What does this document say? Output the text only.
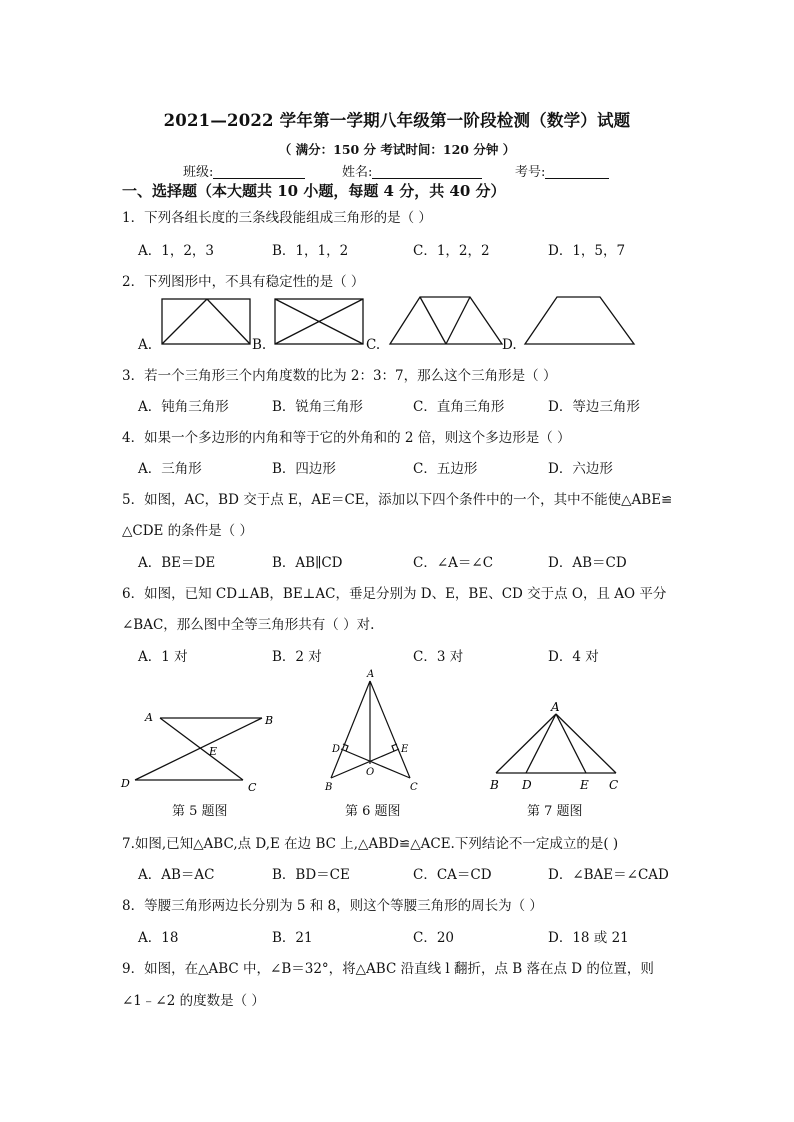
2021—2022 学年第一学期八年级第一阶段检测（数学）试题
（ 满分：150 分 考试时间：120 分钟 ）
班级:	姓名:	考号:
一、选择题（本大题共 10 小题，每题 4 分，共 40 分）
1．下列各组长度的三条线段能组成三角形的是（ ）
A．1，2，3	B．1，1，2	C．1，2，2	D．1，5，7
2．下列图形中，不具有稳定性的是（ ）
A.	B.	C.	D.
3．若一个三角形三个内角度数的比为 2：3：7，那么这个三角形是（ ）
A．钝角三角形	B．锐角三角形	C．直角三角形	D．等边三角形
4．如果一个多边形的内角和等于它的外角和的 2 倍，则这个多边形是（ ）
A．三角形	B．四边形	C．五边形	D．六边形
5．如图，AC，BD 交于点 E，AE＝CE，添加以下四个条件中的一个，其中不能使△ABE≌
△CDE 的条件是（ ）
A．BE＝DE	B．AB∥CD	C．∠A＝∠C	D．AB＝CD
6．如图，已知 CD⊥AB，BE⊥AC，垂足分别为 D、E，BE、CD 交于点 O，且 AO 平分
∠BAC，那么图中全等三角形共有（ ）对.
A．1 对	B．2 对	C．3 对	D．4 对
A	B
C
D
E
A
B	C
D	E
O
A
B D	E C
第 5 题图	第 6 题图	第 7 题图
7.如图,已知△ABC,点 D,E 在边 BC 上,△ABD≌△ACE.下列结论不一定成立的是( )
A．AB＝AC	B．BD＝CE	C．CA＝CD	D．∠BAE＝∠CAD
8．等腰三角形两边长分别为 5 和 8，则这个等腰三角形的周长为（ ）
A．18	B．21	C．20	D．18 或 21
9．如图，在△ABC 中，∠B＝32°，将△ABC 沿直线 l 翻折，点 B 落在点 D 的位置，则
∠1﹣∠2 的度数是（ ）
